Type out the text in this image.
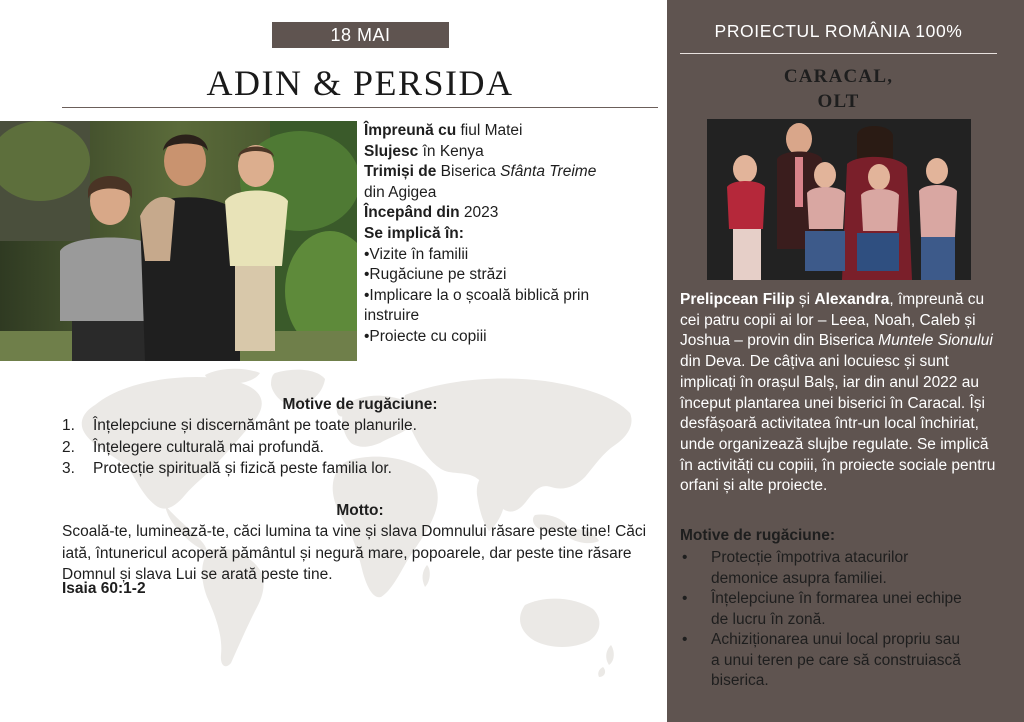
18 MAI
ADIN & PERSIDA
Împreună cu fiul Matei
Slujesc în Kenya
Trimiși de Biserica Sfânta Treime
din Agigea
Începând din 2023
Se implică în:
•Vizite în familii
•Rugăciune pe străzi
•Implicare la o școală biblică prin
instruire
•Proiecte cu copiii
Motive de rugăciune:
1.	Înțelepciune și discernământ pe toate planurile.
2.	Înțelegere culturală mai profundă.
3.	Protecție spirituală și fizică peste familia lor.
Motto:
Scoală-te, luminează-te, căci lumina ta vine și slava Domnului răsare peste tine! Căci iată, întunericul acoperă pământul și negură mare, popoarele, dar peste tine răsare Domnul și slava Lui se arată peste tine.
Isaia 60:1-2
PROIECTUL ROMÂNIA 100%
CARACAL,
OLT
Prelipcean Filip și Alexandra, împreună cu cei patru copii ai lor – Leea, Noah, Caleb și Joshua – provin din Biserica Muntele Sionului din Deva. De câțiva ani locuiesc și sunt implicați în orașul Balș, iar din anul 2022 au început plantarea unei biserici în Caracal. Își desfășoară activitatea într-un local închiriat, unde organizează slujbe regulate. Se implică în activități cu copiii, în proiecte sociale pentru orfani și alte proiecte.
Motive de rugăciune:
•	Protecție împotriva atacurilor demonice asupra familiei.
•	Înțelepciune în formarea unei echipe de lucru în zonă.
•	Achiziționarea unui local propriu sau a unui teren pe care să construiască biserica.
